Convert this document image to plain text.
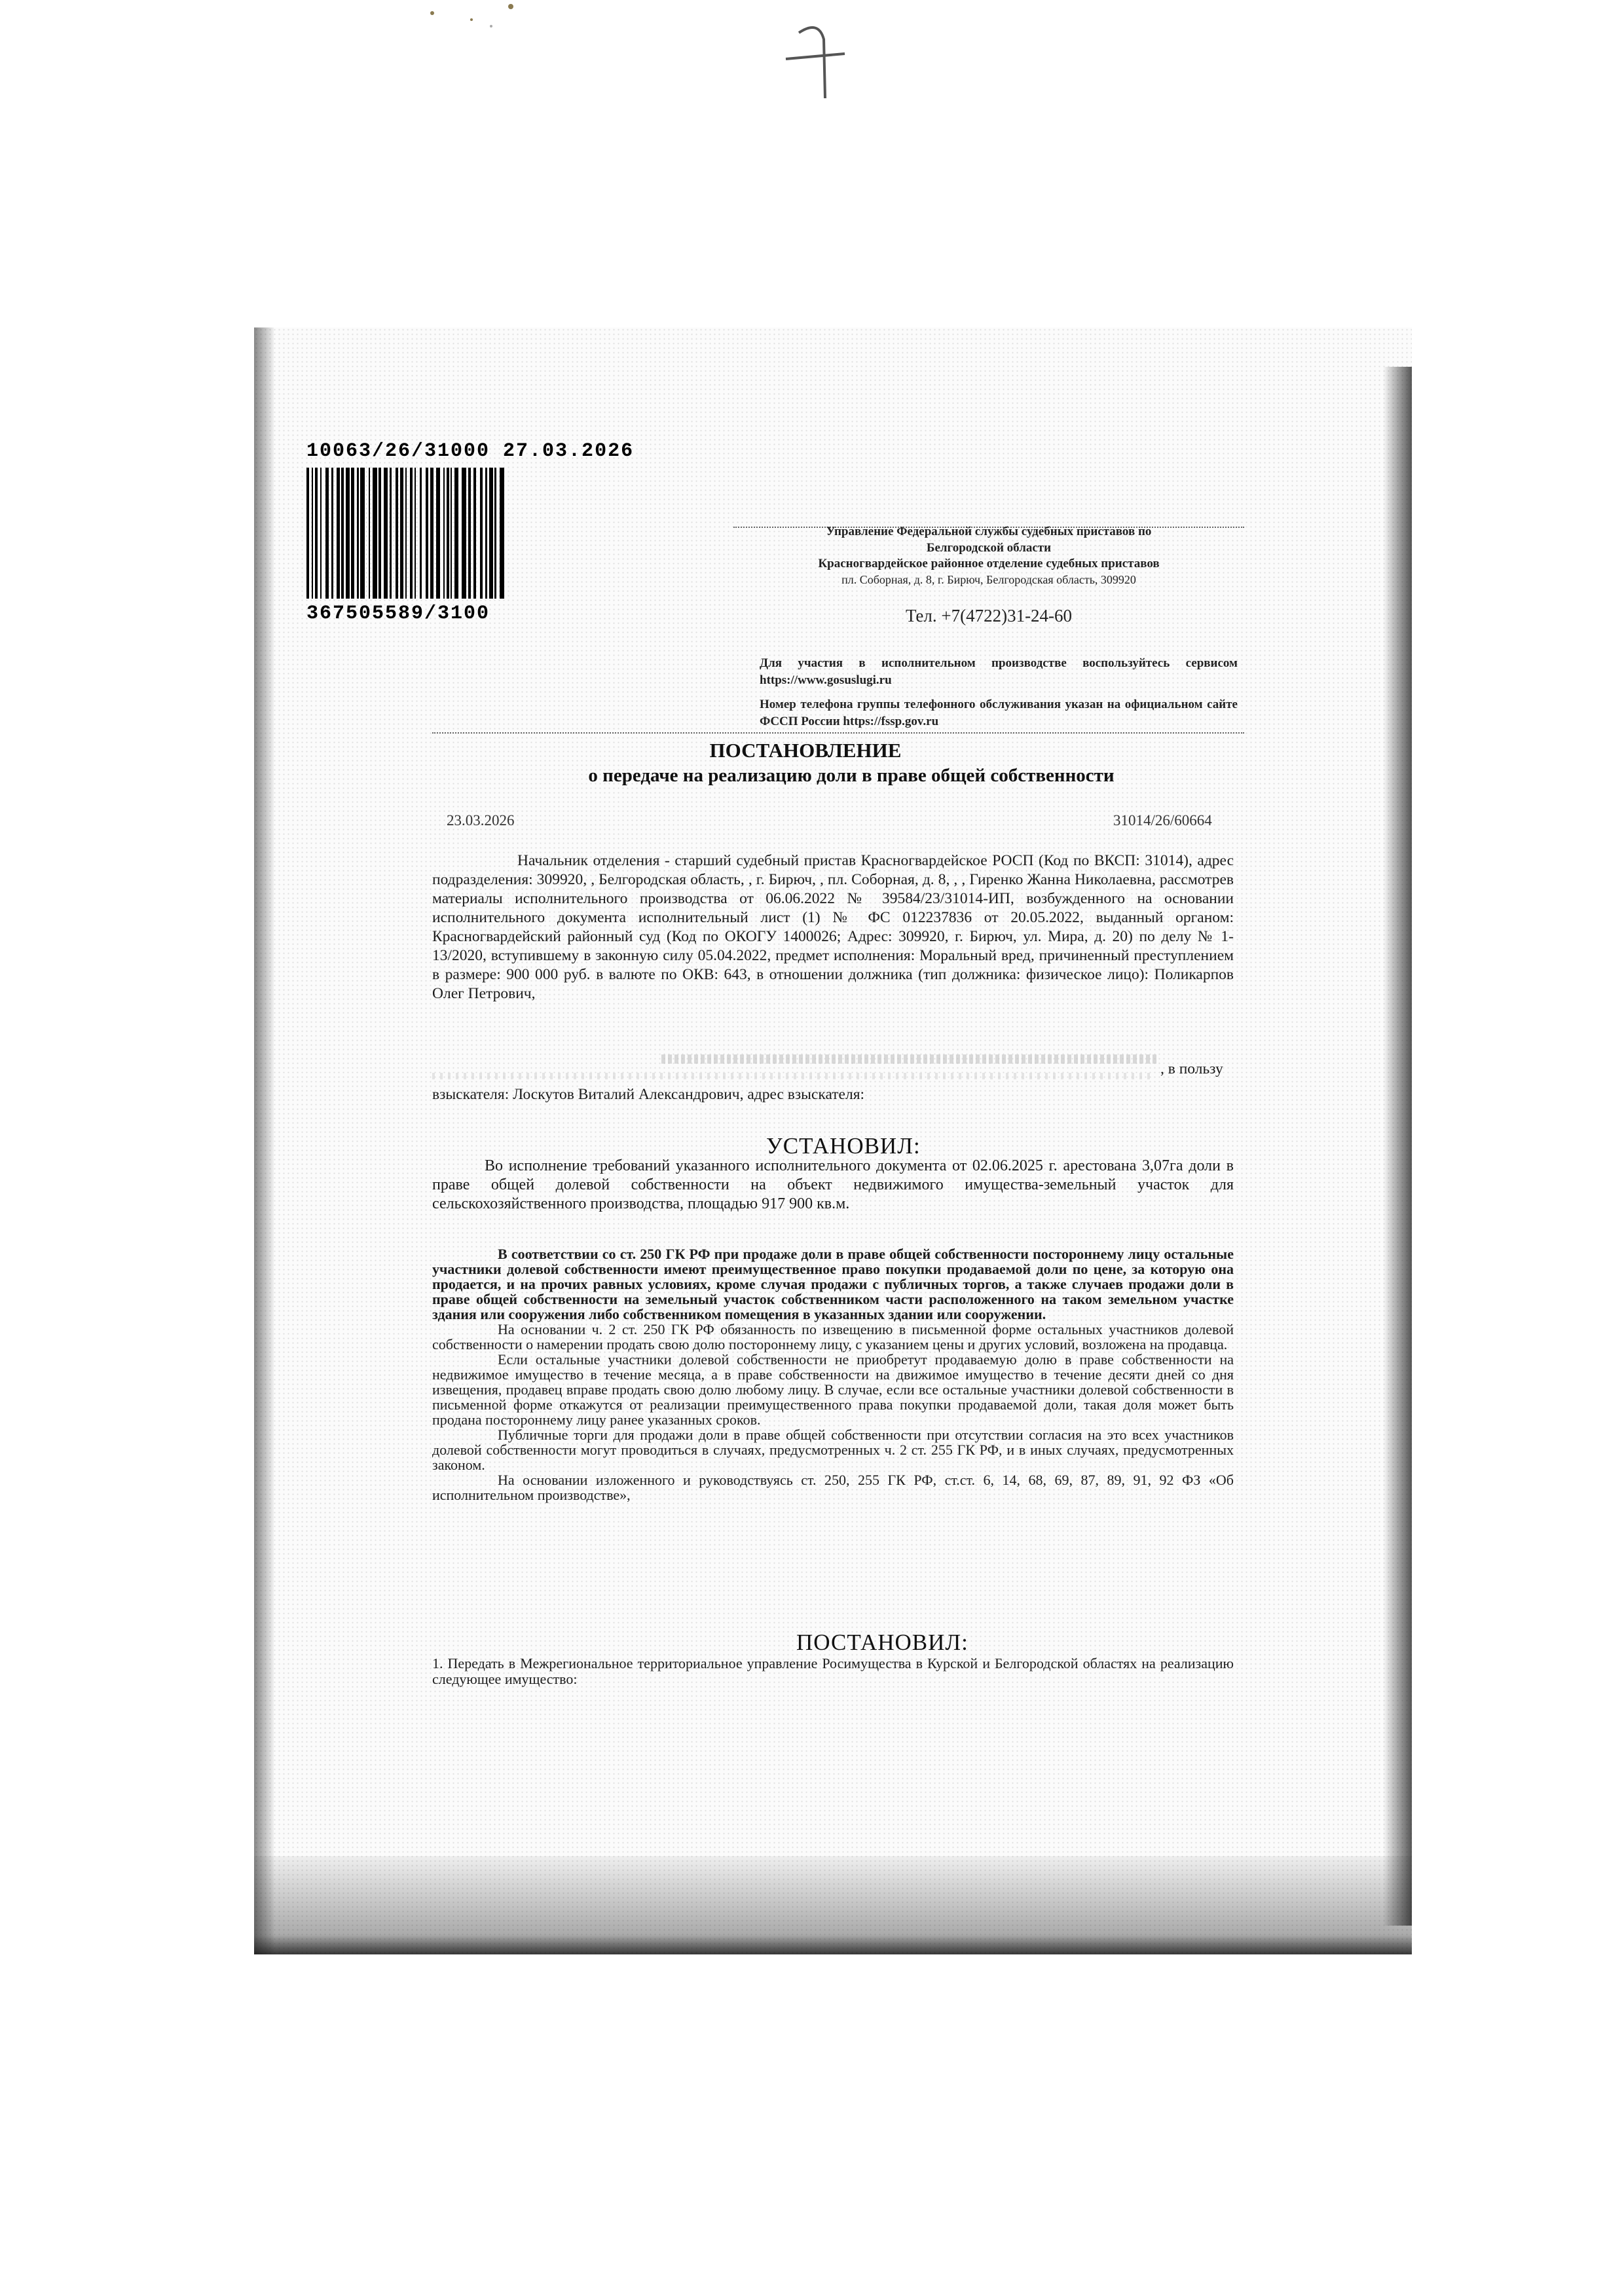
4
10063/26/31000 27.03.2026
367505589/3100
Управление Федеральной службы судебных приставов по
Белгородской области
Красногвардейское районное отделение судебных приставов
пл. Соборная, д. 8, г. Бирюч, Белгородская область, 309920
Тел. +7(4722)31-24-60

Для участия в исполнительном производстве воспользуйтесь сервисом https://www.gosuslugi.ru

Номер телефона группы телефонного обслуживания указан на официальном сайте ФССП России https://fssp.gov.ru

ПОСТАНОВЛЕНИЕ
о передаче на реализацию доли в праве общей собственности
23.03.2026	31014/26/60664

Начальник отделения - старший судебный пристав Красногвардейское РОСП (Код по ВКСП: 31014), адрес подразделения: 309920, , Белгородская область, , г. Бирюч, , пл. Соборная, д. 8, , , Гиренко Жанна Николаевна, рассмотрев материалы исполнительного производства от 06.06.2022 № 39584/23/31014-ИП, возбужденного на основании исполнительного документа исполнительный лист (1) № ФС 012237836 от 20.05.2022, выданный органом: Красногвардейский районный суд (Код по ОКОГУ 1400026; Адрес: 309920, г. Бирюч, ул. Мира, д. 20) по делу № 1-13/2020, вступившему в законную силу 05.04.2022, предмет исполнения: Моральный вред, причиненный преступлением в размере: 900 000 руб. в валюте по ОКВ: 643, в отношении должника (тип должника: физическое лицо): Поликарпов Олег Петрович,

, в пользу
взыскателя: Лоскутов Виталий Александрович, адрес взыскателя:
УСТАНОВИЛ:

Во исполнение требований указанного исполнительного документа от 02.06.2025 г. арестована 3,07га доли в праве общей долевой собственности на объект недвижимого имущества-земельный участок для сельскохозяйственного производства, площадью 917 900 кв.м.

В соответствии со ст. 250 ГК РФ при продаже доли в праве общей собственности постороннему лицу остальные участники долевой собственности имеют преимущественное право покупки продаваемой доли по цене, за которую она продается, и на прочих равных условиях, кроме случая продажи с публичных торгов, а также случаев продажи доли в праве общей собственности на земельный участок собственником части расположенного на таком земельном участке здания или сооружения либо собственником помещения в указанных здании или сооружении.

На основании ч. 2 ст. 250 ГК РФ обязанность по извещению в письменной форме остальных участников долевой собственности о намерении продать свою долю постороннему лицу, с указанием цены и других условий, возложена на продавца.

Если остальные участники долевой собственности не приобретут продаваемую долю в праве собственности на недвижимое имущество в течение месяца, а в праве собственности на движимое имущество в течение десяти дней со дня извещения, продавец вправе продать свою долю любому лицу. В случае, если все остальные участники долевой собственности в письменной форме откажутся от реализации преимущественного права покупки продаваемой доли, такая доля может быть продана постороннему лицу ранее указанных сроков.

Публичные торги для продажи доли в праве общей собственности при отсутствии согласия на это всех участников долевой собственности могут проводиться в случаях, предусмотренных ч. 2 ст. 255 ГК РФ, и в иных случаях, предусмотренных законом.

На основании изложенного и руководствуясь ст. 250, 255 ГК РФ, ст.ст. 6, 14, 68, 69, 87, 89, 91, 92 ФЗ «Об исполнительном производстве»,

ПОСТАНОВИЛ:

1. Передать в Межрегиональное территориальное управление Росимущества в Курской и Белгородской областях на реализацию следующее имущество:
